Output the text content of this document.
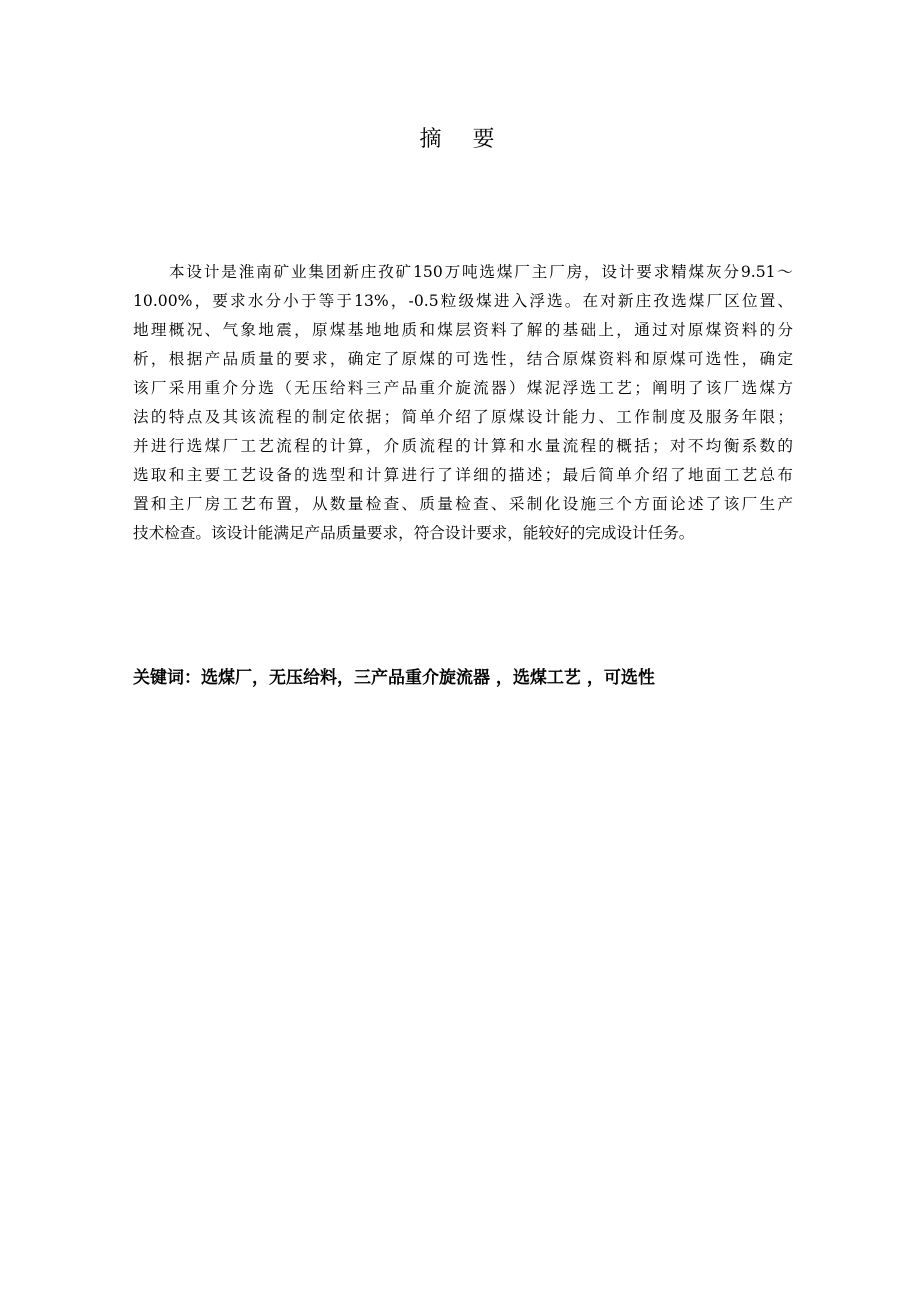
摘 要
本设计是淮南矿业集团新庄孜矿150万吨选煤厂主厂房，设计要求精煤灰分9.51～
10.00%，要求水分小于等于13%，-0.5粒级煤进入浮选。在对新庄孜选煤厂区位置、
地理概况、气象地震，原煤基地地质和煤层资料了解的基础上，通过对原煤资料的分
析，根据产品质量的要求，确定了原煤的可选性，结合原煤资料和原煤可选性，确定
该厂采用重介分选（无压给料三产品重介旋流器）煤泥浮选工艺；阐明了该厂选煤方
法的特点及其该流程的制定依据；简单介绍了原煤设计能力、工作制度及服务年限；
并进行选煤厂工艺流程的计算，介质流程的计算和水量流程的概括；对不均衡系数的
选取和主要工艺设备的选型和计算进行了详细的描述；最后简单介绍了地面工艺总布
置和主厂房工艺布置，从数量检查、质量检查、采制化设施三个方面论述了该厂生产
技术检查。该设计能满足产品质量要求，符合设计要求，能较好的完成设计任务。
关键词：选煤厂，无压给料，三产品重介旋流器 ，选煤工艺 ，可选性
